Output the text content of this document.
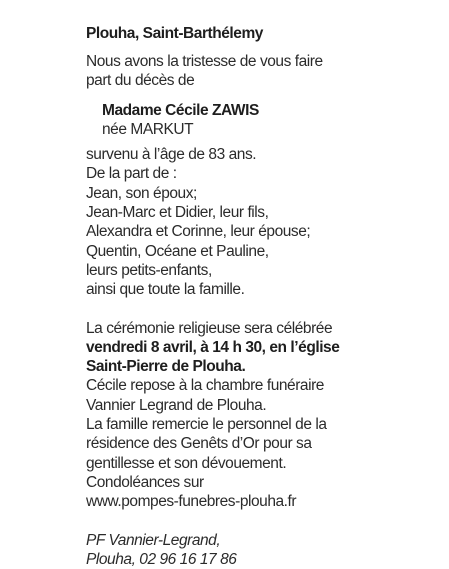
Plouha, Saint-Barthélemy
Nous avons la tristesse de vous faire
part du décès de
Madame Cécile ZAWIS
née MARKUT
survenu à l’âge de 83 ans.
De la part de :
Jean, son époux;
Jean-Marc et Didier, leur fils,
Alexandra et Corinne, leur épouse;
Quentin, Océane et Pauline,
leurs petits-enfants,
ainsi que toute la famille.
La cérémonie religieuse sera célébrée
vendredi 8 avril, à 14 h 30, en l’église
Saint-Pierre de Plouha.
Cécile repose à la chambre funéraire
Vannier Legrand de Plouha.
La famille remercie le personnel de la
résidence des Genêts d’Or pour sa
gentillesse et son dévouement.
Condoléances sur
www.pompes-funebres-plouha.fr
PF Vannier-Legrand,
Plouha, 02 96 16 17 86
